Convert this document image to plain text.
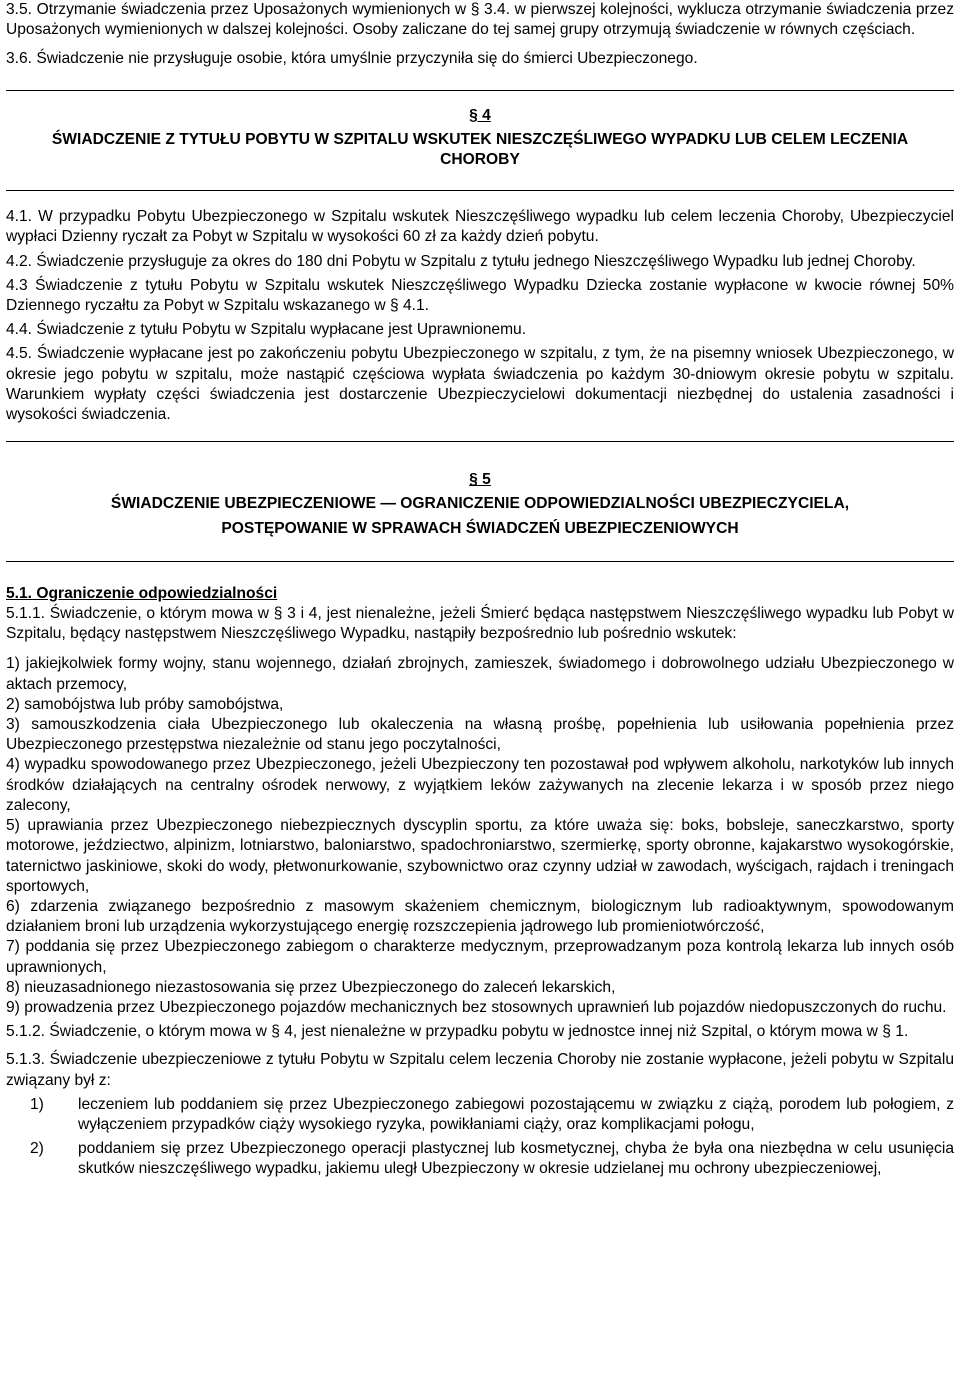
3.5. Otrzymanie świadczenia przez Uposażonych wymienionych w § 3.4. w pierwszej kolejności, wyklucza otrzymanie świadczenia przez Uposażonych wymienionych w dalszej kolejności. Osoby zaliczane do tej samej grupy otrzymują świadczenie w równych częściach.

3.6. Świadczenie nie przysługuje osobie, która umyślnie przyczyniła się do śmierci Ubezpieczonego.

§ 4
ŚWIADCZENIE Z TYTUŁU POBYTU W SZPITALU WSKUTEK NIESZCZĘŚLIWEGO WYPADKU LUB CELEM LECZENIA CHOROBY

4.1. W przypadku Pobytu Ubezpieczonego w Szpitalu wskutek Nieszczęśliwego wypadku lub celem leczenia Choroby, Ubezpieczyciel wypłaci Dzienny ryczałt za Pobyt w Szpitalu w wysokości 60 zł za każdy dzień pobytu.

4.2. Świadczenie przysługuje za okres do 180 dni Pobytu w Szpitalu z tytułu jednego Nieszczęśliwego Wypadku lub jednej Choroby.

4.3 Świadczenie z tytułu Pobytu w Szpitalu wskutek Nieszczęśliwego Wypadku Dziecka zostanie wypłacone w kwocie równej 50% Dziennego ryczałtu za Pobyt w Szpitalu wskazanego w § 4.1.

4.4. Świadczenie z tytułu Pobytu w Szpitalu wypłacane jest Uprawnionemu.

4.5. Świadczenie wypłacane jest po zakończeniu pobytu Ubezpieczonego w szpitalu, z tym, że na pisemny wniosek Ubezpieczonego, w okresie jego pobytu w szpitalu, może nastąpić częściowa wypłata świadczenia po każdym 30-dniowym okresie pobytu w szpitalu. Warunkiem wypłaty części świadczenia jest dostarczenie Ubezpieczycielowi dokumentacji niezbędnej do ustalenia zasadności i wysokości świadczenia.

§ 5
ŚWIADCZENIE UBEZPIECZENIOWE — OGRANICZENIE ODPOWIEDZIALNOŚCI UBEZPIECZYCIELA,
POSTĘPOWANIE W SPRAWACH ŚWIADCZEŃ UBEZPIECZENIOWYCH

5.1. Ograniczenie odpowiedzialności

5.1.1. Świadczenie, o którym mowa w § 3 i 4, jest nienależne, jeżeli Śmierć będąca następstwem Nieszczęśliwego wypadku lub Pobyt w Szpitalu, będący następstwem Nieszczęśliwego Wypadku, nastąpiły bezpośrednio lub pośrednio wskutek:

1) jakiejkolwiek formy wojny, stanu wojennego, działań zbrojnych, zamieszek, świadomego i dobrowolnego udziału Ubezpieczonego w aktach przemocy,

2) samobójstwa lub próby samobójstwa,

3) samouszkodzenia ciała Ubezpieczonego lub okaleczenia na własną prośbę, popełnienia lub usiłowania popełnienia przez Ubezpieczonego przestępstwa niezależnie od stanu jego poczytalności,

4) wypadku spowodowanego przez Ubezpieczonego, jeżeli Ubezpieczony ten pozostawał pod wpływem alkoholu, narkotyków lub innych środków działających na centralny ośrodek nerwowy, z wyjątkiem leków zażywanych na zlecenie lekarza i w sposób przez niego zalecony,

5) uprawiania przez Ubezpieczonego niebezpiecznych dyscyplin sportu, za które uważa się: boks, bobsleje, saneczkarstwo, sporty motorowe, jeździectwo, alpinizm, lotniarstwo, baloniarstwo, spadochroniarstwo, szermierkę, sporty obronne, kajakarstwo wysokogórskie, taternictwo jaskiniowe, skoki do wody, płetwonurkowanie, szybownictwo oraz czynny udział w zawodach, wyścigach, rajdach i treningach sportowych,

6) zdarzenia związanego bezpośrednio z masowym skażeniem chemicznym, biologicznym lub radioaktywnym, spowodowanym działaniem broni lub urządzenia wykorzystującego energię rozszczepienia jądrowego lub promieniotwórczość,

7) poddania się przez Ubezpieczonego zabiegom o charakterze medycznym, przeprowadzanym poza kontrolą lekarza lub innych osób uprawnionych,

8) nieuzasadnionego niezastosowania się przez Ubezpieczonego do zaleceń lekarskich,

9) prowadzenia przez Ubezpieczonego pojazdów mechanicznych bez stosownych uprawnień lub pojazdów niedopuszczonych do ruchu.

5.1.2. Świadczenie, o którym mowa w § 4, jest nienależne w przypadku pobytu w jednostce innej niż Szpital, o którym mowa w § 1.

5.1.3. Świadczenie ubezpieczeniowe z tytułu Pobytu w Szpitalu celem leczenia Choroby nie zostanie wypłacone, jeżeli pobytu w Szpitalu związany był z:

1)	leczeniem lub poddaniem się przez Ubezpieczonego zabiegowi pozostającemu w związku z ciążą, porodem lub połogiem, z wyłączeniem przypadków ciąży wysokiego ryzyka, powikłaniami ciąży, oraz komplikacjami połogu,
2)	poddaniem się przez Ubezpieczonego operacji plastycznej lub kosmetycznej, chyba że była ona niezbędna w celu usunięcia skutków nieszczęśliwego wypadku, jakiemu uległ Ubezpieczony w okresie udzielanej mu ochrony ubezpieczeniowej,
